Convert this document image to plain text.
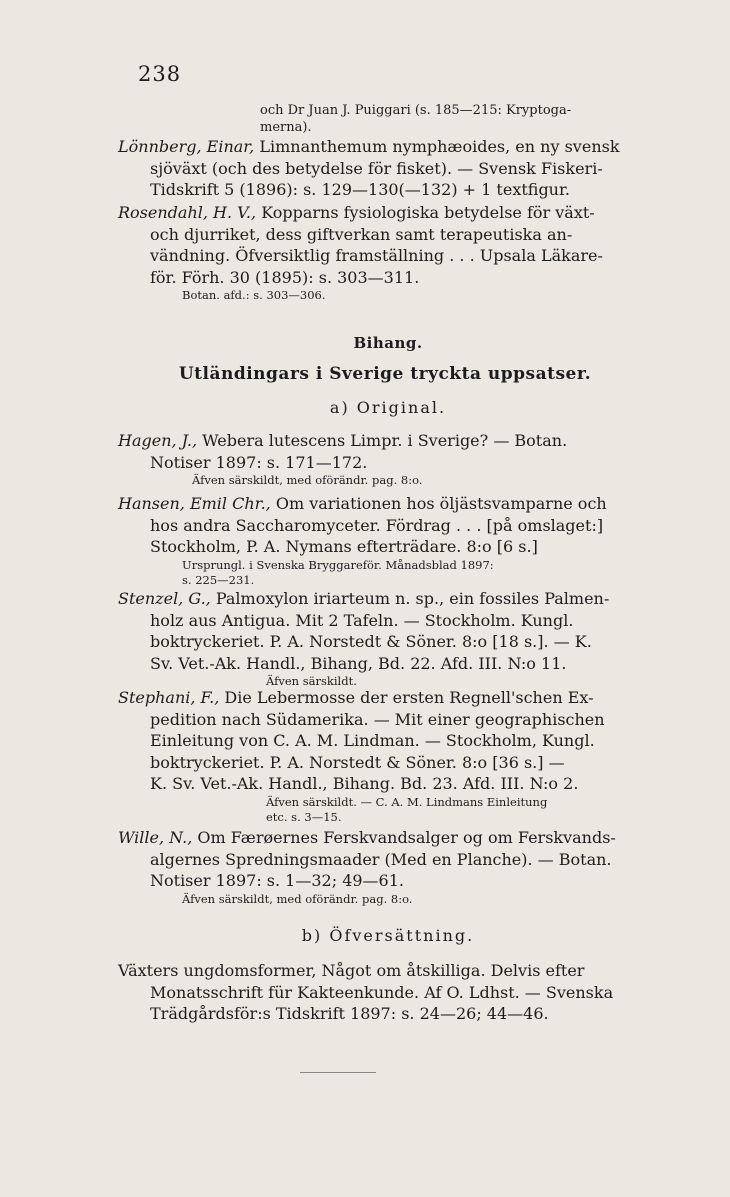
238
och Dr Juan J. Puiggari (s. 185—215: Kryptoga-
merna).
Lönnberg, Einar, Limnanthemum nymphæoides, en ny svensk
sjöväxt (och des betydelse för fisket). — Svensk Fiskeri-
Tidskrift 5 (1896): s. 129—130(—132) + 1 textfigur.
Rosendahl, H. V., Kopparns fysiologiska betydelse för växt-
och djurriket, dess giftverkan samt terapeutiska an-
vändning. Öfversiktlig framställning . . . Upsala Läkare-
för. Förh. 30 (1895): s. 303—311.
Botan. afd.: s. 303—306.
Bihang.
Utländingars i Sverige tryckta uppsatser.
a) Original.
Hagen, J., Webera lutescens Limpr. i Sverige? — Botan.
Notiser 1897: s. 171—172.
Äfven särskildt, med oförändr. pag. 8:o.
Hansen, Emil Chr., Om variationen hos öljästsvamparne och
hos andra Saccharomyceter. Fördrag . . . [på omslaget:]
Stockholm, P. A. Nymans efterträdare. 8:o [6 s.]
Ursprungl. i Svenska Bryggareför. Månadsblad 1897:
s. 225—231.
Stenzel, G., Palmoxylon iriarteum n. sp., ein fossiles Palmen-
holz aus Antigua. Mit 2 Tafeln. — Stockholm. Kungl.
boktryckeriet. P. A. Norstedt & Söner. 8:o [18 s.]. — K.
Sv. Vet.-Ak. Handl., Bihang, Bd. 22. Afd. III. N:o 11.
Äfven särskildt.
Stephani, F., Die Lebermosse der ersten Regnell'schen Ex-
pedition nach Südamerika. — Mit einer geographischen
Einleitung von C. A. M. Lindman. — Stockholm, Kungl.
boktryckeriet. P. A. Norstedt & Söner. 8:o [36 s.] —
K. Sv. Vet.-Ak. Handl., Bihang. Bd. 23. Afd. III. N:o 2.
Äfven särskildt. — C. A. M. Lindmans Einleitung
etc. s. 3—15.
Wille, N., Om Færøernes Ferskvandsalger og om Ferskvands-
algernes Spredningsmaader (Med en Planche). — Botan.
Notiser 1897: s. 1—32; 49—61.
Äfven särskildt, med oförändr. pag. 8:o.
b) Öfversättning.
Växters ungdomsformer, Något om åtskilliga. Delvis efter
Monatsschrift für Kakteenkunde. Af O. Ldhst. — Svenska
Trädgårdsför:s Tidskrift 1897: s. 24—26; 44—46.
